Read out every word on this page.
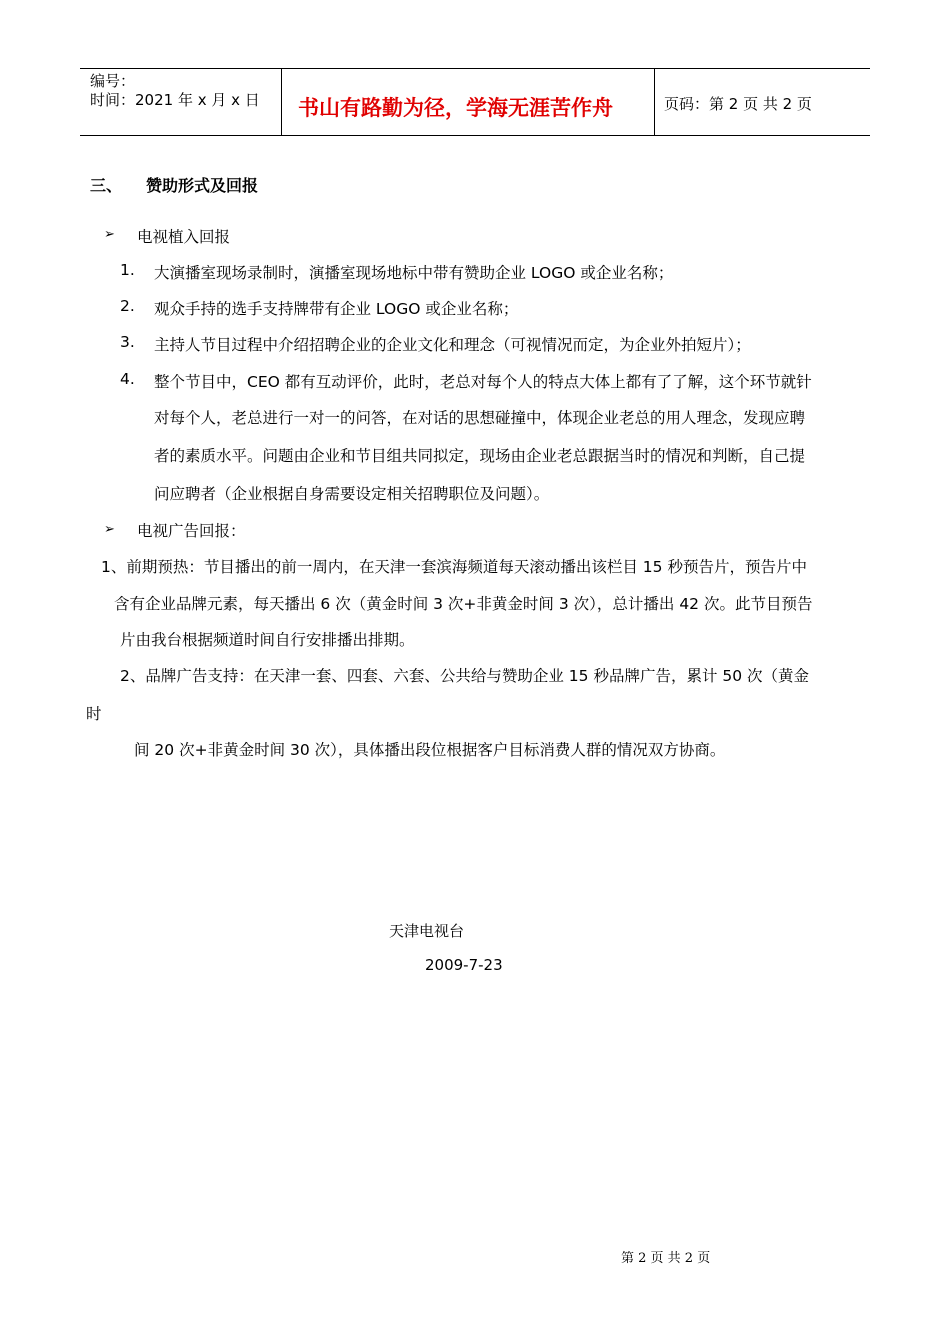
编号：
时间：2021 年 x 月 x 日 书山有路勤为径，学海无涯苦作舟	页码：第 2 页 共 2 页
三、 赞助形式及回报
➢ 电视植入回报
1. 大演播室现场录制时，演播室现场地标中带有赞助企业 LOGO 或企业名称；
2. 观众手持的选手支持牌带有企业 LOGO 或企业名称；
3. 主持人节目过程中介绍招聘企业的企业文化和理念（可视情况而定，为企业外拍短片）；
4. 整个节目中，CEO 都有互动评价，此时，老总对每个人的特点大体上都有了了解，这个环节就针
对每个人，老总进行一对一的问答，在对话的思想碰撞中，体现企业老总的用人理念，发现应聘
者的素质水平。问题由企业和节目组共同拟定，现场由企业老总跟据当时的情况和判断，自己提
问应聘者（企业根据自身需要设定相关招聘职位及问题）。
➢ 电视广告回报：
1、前期预热：节目播出的前一周内，在天津一套滨海频道每天滚动播出该栏目 15 秒预告片，预告片中
含有企业品牌元素，每天播出 6 次（黄金时间 3 次+非黄金时间 3 次），总计播出 42 次。此节目预告
片由我台根据频道时间自行安排播出排期。
2、品牌广告支持：在天津一套、四套、六套、公共给与赞助企业 15 秒品牌广告，累计 50 次（黄金
时
间 20 次+非黄金时间 30 次），具体播出段位根据客户目标消费人群的情况双方协商。
天津电视台
2009-7-23
第 2 页 共 2 页
